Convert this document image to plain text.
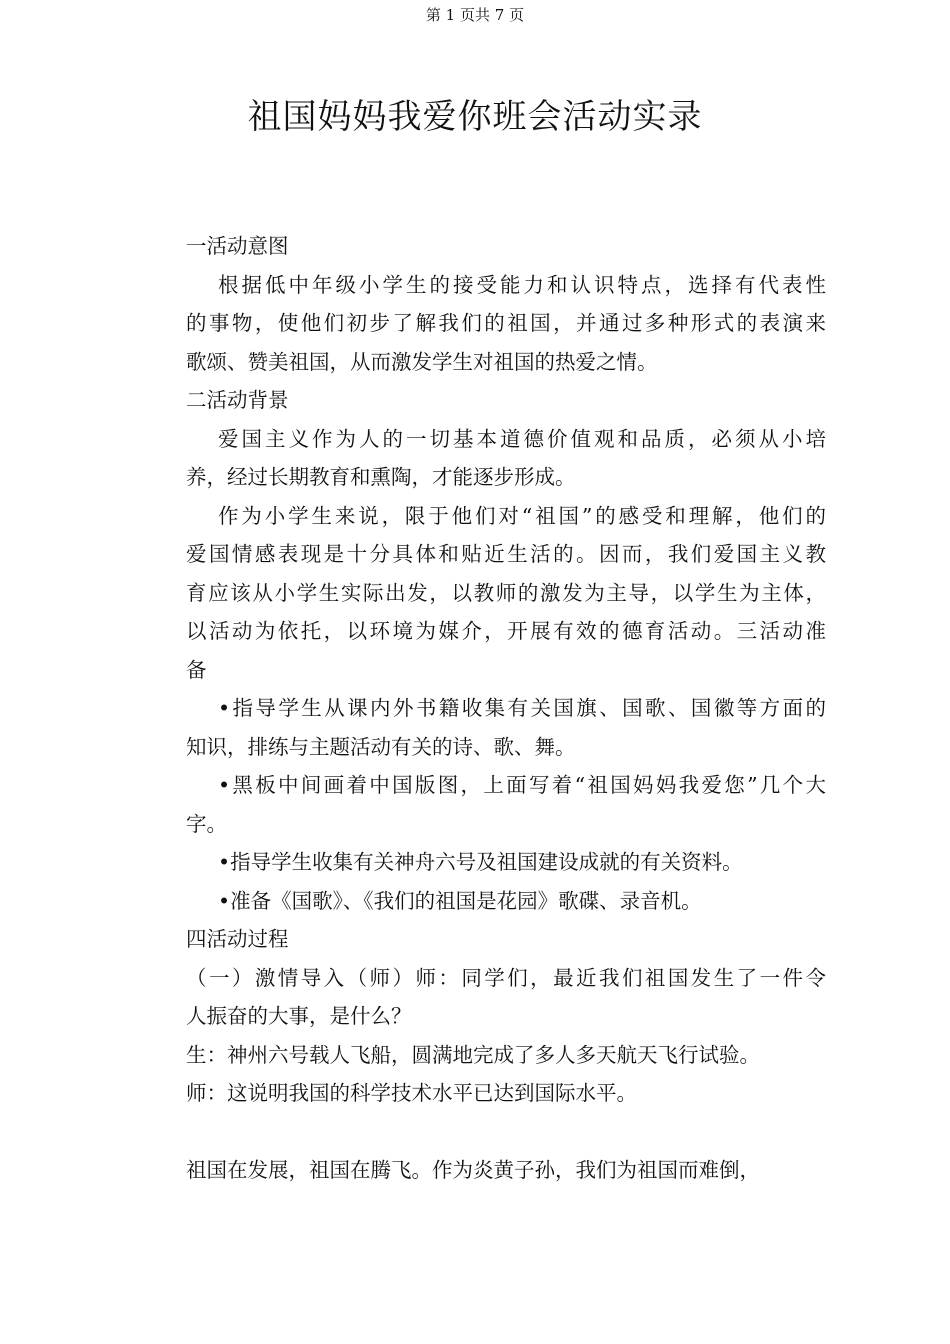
第 1 页共 7 页
祖国妈妈我爱你班会活动实录
一活动意图
根据低中年级小学生的接受能力和认识特点，选择有代表性
的事物，使他们初步了解我们的祖国，并通过多种形式的表演来
歌颂、赞美祖国，从而激发学生对祖国的热爱之情。
二活动背景
爱国主义作为人的一切基本道德价值观和品质，必须从小培
养，经过长期教育和熏陶，才能逐步形成。
作为小学生来说，限于他们对“祖国”的感受和理解，他们的
爱国情感表现是十分具体和贴近生活的。因而，我们爱国主义教
育应该从小学生实际出发，以教师的激发为主导，以学生为主体，
以活动为依托，以环境为媒介，开展有效的德育活动。三活动准
备
•指导学生从课内外书籍收集有关国旗、国歌、国徽等方面的
知识，排练与主题活动有关的诗、歌、舞。
•黑板中间画着中国版图，上面写着“祖国妈妈我爱您”几个大
字。
•指导学生收集有关神舟六号及祖国建设成就的有关资料。
•准备《国歌》、《我们的祖国是花园》歌碟、录音机。
四活动过程
（一）激情导入（师）师：同学们，最近我们祖国发生了一件令
人振奋的大事，是什么？
生：神州六号载人飞船，圆满地完成了多人多天航天飞行试验。
师：这说明我国的科学技术水平已达到国际水平。
祖国在发展，祖国在腾飞。作为炎黄子孙，我们为祖国而难倒，
